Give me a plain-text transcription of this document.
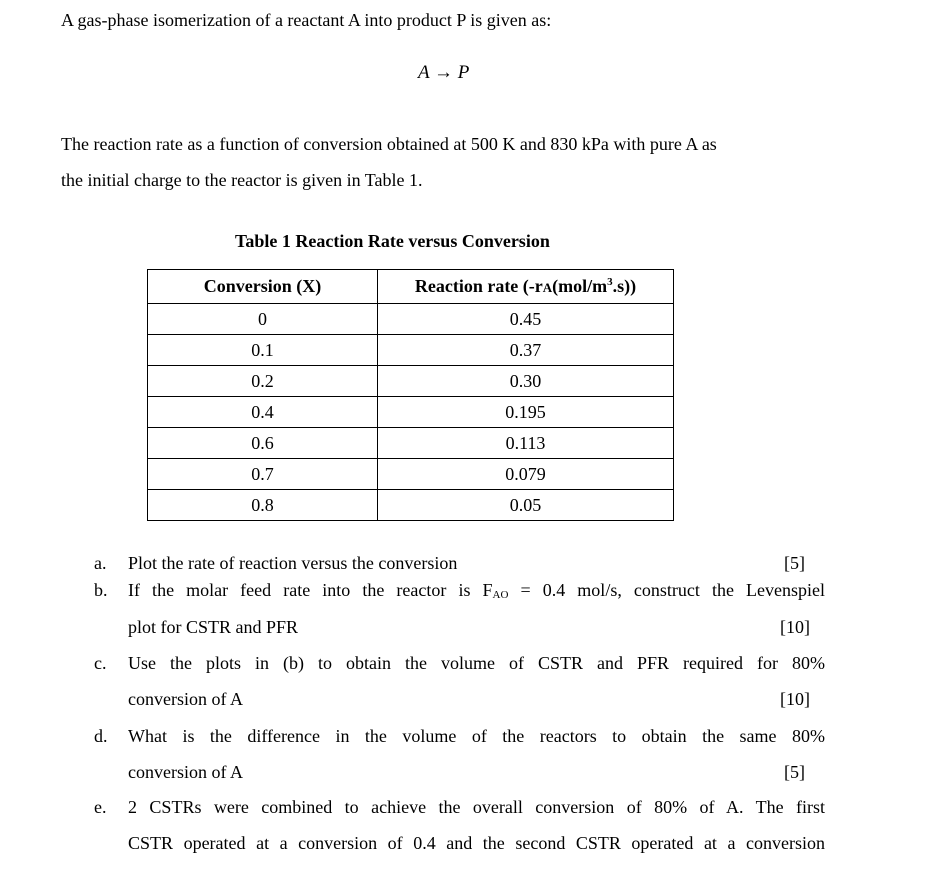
A gas-phase isomerization of a reactant A into product P is given as:
A → P
The reaction rate as a function of conversion obtained at 500 K and 830 kPa with pure A as
the initial charge to the reactor is given in Table 1.
Table 1 Reaction Rate versus Conversion
Conversion (X)	Reaction rate $(-rA(mol/m^3.s))$
0	0.45
0.1	0.37
0.2	0.30
0.4	0.195
0.6	0.113
0.7	0.079
0.8	0.05
a. Plot the rate of reaction versus the conversion	[5]
b. If the molar feed rate into the reactor is $F_{AO} = 0.4$ mol/s, construct the Levenspiel
plot for CSTR and PFR	[10]
c. Use the plots in (b) to obtain the volume of CSTR and PFR required for 80%
conversion of A	[10]
d. What is the difference in the volume of the reactors to obtain the same 80%
conversion of A	[5]
e. 2 CSTRs were combined to achieve the overall conversion of 80% of A. The first
CSTR operated at a conversion of 0.4 and the second CSTR operated at a conversion
